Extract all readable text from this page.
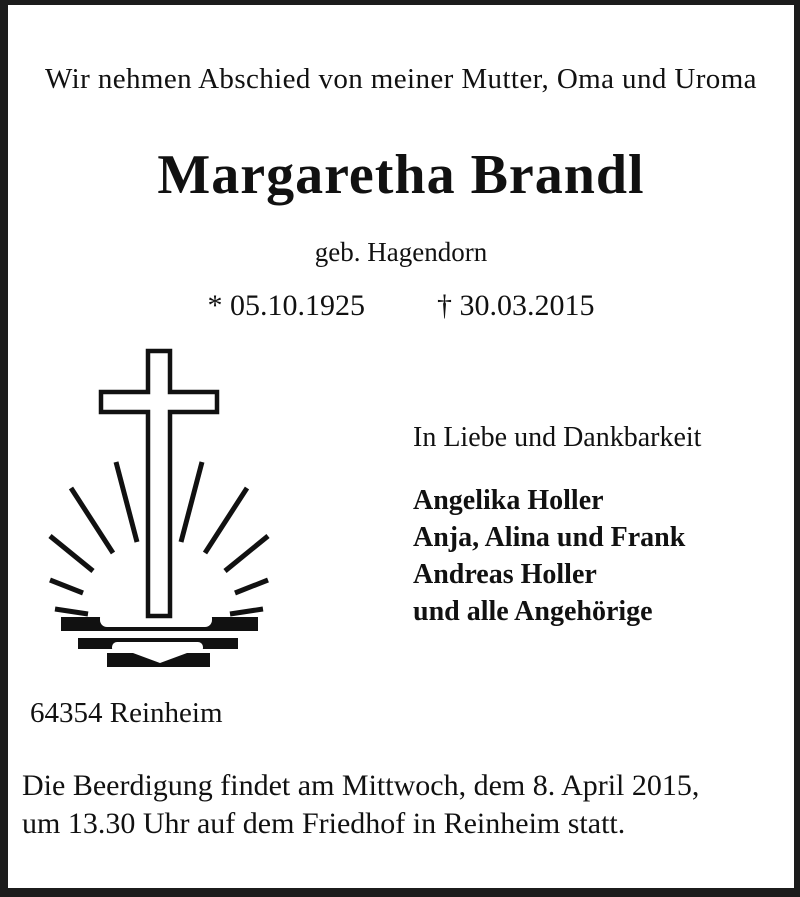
Wir nehmen Abschied von meiner Mutter, Oma und Uroma
Margaretha Brandl
geb. Hagendorn
* 05.10.1925 † 30.03.2015
In Liebe und Dankbarkeit
Angelika Holler
Anja, Alina und Frank
Andreas Holler
und alle Angehörige
64354 Reinheim
Die Beerdigung findet am Mittwoch, dem 8. April 2015,
um 13.30 Uhr auf dem Friedhof in Reinheim statt.
